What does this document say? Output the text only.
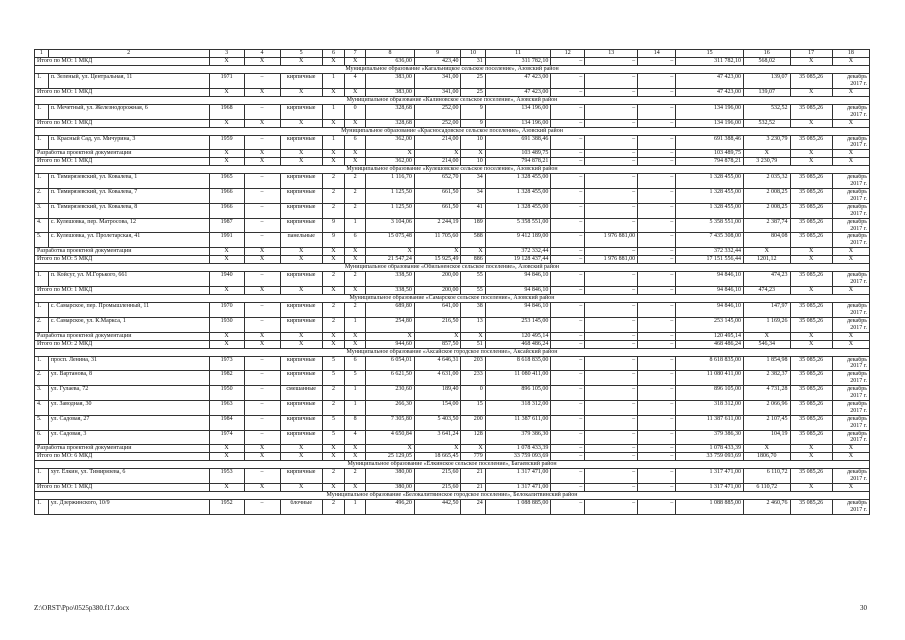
1	2	3	4	5	6	7	8	9	10	11	12	13	14	15	16	17	18
Итого по МО: 1 МКД		X	X	X	X	X	636,00	423,40	31	311 782,10	–	–	–	311 782,10	568,02	X	X
Муниципальное образование «Кагальницкое сельское поселение», Азовский район																	
1.	п. Зеленый, ул. Центральная, 11	1971	–	кирпичные	1	4	383,00	341,00	25	47 423,00	–	–	–	47 423,00	139,07	35 085,26	декабрь 2017 г.
Итого по МО: 1 МКД		X	X	X	X	X	383,00	341,00	25	47 423,00	–	–	–	47 423,00	139,07	X	X
Муниципальное образование «Калиновское сельское поселение», Азовский район																	
1.	п. Мечетный, ул. Железнодорожная, 6	1968	–	кирпичные	1	0	328,68	252,00	9	134 196,00	–	–	–	134 196,00	532,52	35 085,26	декабрь 2017 г.
Итого по МО: 1 МКД		X	X	X	X	X	328,68	252,00	9	134 196,00	–	–	–	134 196,00	532,52	X	X
Муниципальное образование «Красносадовское сельское поселение», Азовский район																	
1.	п. Красный Сад, ул. Мичурина, 3	1959	–	кирпичные	1	6	362,00	214,00	10	691 388,46	–	–	–	691 388,46	3 230,79	35 085,26	декабрь 2017 г.
Разработка проектной документации		X	X	X	X	X	X	X	X	103 489,75	–	–	–	103 489,75	X	X	X
Итого по МО: 1 МКД		X	X	X	X	X	362,00	214,00	10	794 878,21	–	–	–	794 878,21	3 230,79	X	X
Муниципальное образование «Кулешовское сельское поселение», Азовский район																	
1.	п. Тимирязевский, ул. Ковалева, 1	1965	–	кирпичные	2	2	1 116,70	652,70	34	1 328 455,00	–	–	–	1 328 455,00	2 035,32	35 085,26	декабрь 2017 г.
2.	п. Тимирязевский, ул. Ковалева, 7	1966	–	кирпичные	2	2	1 125,50	661,50	34	1 328 455,00	–	–	–	1 328 455,00	2 008,25	35 085,26	декабрь 2017 г.
3.	п. Тимирязевский, ул. Ковалева, 8	1966	–	кирпичные	2	2	1 125,50	661,50	41	1 328 455,00	–	–	–	1 328 455,00	2 008,25	35 085,26	декабрь 2017 г.
4.	с. Кулешовка, пер. Матросова, 12	1987	–	кирпичные	9	1	3 104,06	2 244,19	189	5 358 551,00	–	–	–	5 358 551,00	2 387,74	35 085,26	декабрь 2017 г.
5.	с. Кулешовка, ул. Пролетарская, 41	1991	–	панельные	9	6	15 075,48	11 705,60	588	9 412 189,00	–	1 976 881,00	–	7 435 308,00	804,08	35 085,26	декабрь 2017 г.
Разработка проектной документации		X	X	X	X	X	X	X	X	372 332,44	–	–	–	372 332,44	X	X	X
Итого по МО: 5 МКД		X	X	X	X	X	21 547,24	15 925,49	886	19 128 437,44	–	1 976 881,00	–	17 151 556,44	1201,12	X	X
Муниципальное образование «Обильненское сельское поселение», Азовский район																	
1.	п. Койсуг, ул. М.Горького, 661	1940	–	кирпичные	2	2	338,50	200,00	55	94 846,10	–	–	–	94 846,10	474,23	35 085,26	декабрь 2017 г.
Итого по МО: 1 МКД		X	X	X	X	X	338,50	200,00	55	94 846,10	–	–	–	94 846,10	474,23	X	X
Муниципальное образование «Самарское сельское поселение», Азовский район																	
1.	с. Самарское, пер. Промышленный, 11	1970	–	кирпичные	2	2	689,80	641,00	38	94 846,10	–	–	–	94 846,10	147,97	35 085,26	декабрь 2017 г.
2.	с. Самарское, ул. К.Маркса, 1	1930	–	кирпичные	2	1	254,80	216,50	13	253 145,00	–	–	–	253 145,00	1 169,26	35 085,26	декабрь 2017 г.
Разработка проектной документации		X	X	X	X	X	X	X	X	120 495,14	–	–	–	120 495,14	X	X	X
Итого по МО: 2 МКД		X	X	X	X	X	944,60	857,50	51	468 486,24	–	–	–	468 486,24	546,34	X	X
Муниципальное образование «Аксайское городское поселение», Аксайский район																	
1.	просп. Ленина, 31	1973	–	кирпичные	5	6	6 054,01	4 646,31	203	8 618 835,00	–	–	–	8 618 835,00	1 854,98	35 085,26	декабрь 2017 г.
2.	ул. Вартанова, 8	1982	–	кирпичные	5	5	6 621,50	4 631,00	233	11 080 411,00	–	–	–	11 080 411,00	2 382,37	35 085,26	декабрь 2017 г.
3.	ул. Гулаева, 72	1950	–	смешанные	2	1	230,60	189,40	0	896 105,00	–	–	–	896 105,00	4 731,28	35 085,26	декабрь 2017 г.
4.	ул. Заводная, 30	1963	–	кирпичные	2	1	266,30	154,00	15	318 312,00	–	–	–	318 312,00	2 066,96	35 085,26	декабрь 2017 г.
5.	ул. Садовая, 27	1984	–	кирпичные	5	8	7 305,80	5 403,50	200	11 387 611,00	–	–	–	11 387 611,00	2 107,45	35 085,26	декабрь 2017 г.
6.	ул. Садовая, 3	1974	–	кирпичные	5	4	4 650,84	3 641,24	128	379 386,30	–	–	–	379 386,30	104,19	35 085,26	декабрь 2017 г.
Разработка проектной документации		X	X	X	X	X	X	X	X	1 078 433,39	–	–	–	1 078 433,39	X	X	X
Итого по МО: 6 МКД		X	X	X	X	X	25 129,05	18 665,45	779	33 759 093,69	–	–	–	33 759 093,69	1806,70	X	X
Муниципальное образование «Елкинское сельское поселение», Багаевский район																	
1.	хут. Елкин, ул. Тимирязева, 6	1953	–	кирпичные	2	2	380,00	215,60	21	1 317 471,00	–	–	–	1 317 471,00	6 110,72	35 085,26	декабрь 2017 г.
Итого по МО: 1 МКД		X	X	X	X	X	380,00	215,60	21	1 317 471,00	–	–	–	1 317 471,00	6 110,72	X	X
Муниципальное образование «Белокалитвинское городское поселение», Белокалитвинский район																	
1.	ул. Дзержинского, 10/9	1952	–	блочные	2	1	496,20	442,50	24	1 088 885,00	–	–	–	1 088 885,00	2 460,76	35 085,26	декабрь 2017 г.
Z:\ORST\Ppo\0525p380.f17.docx	30
